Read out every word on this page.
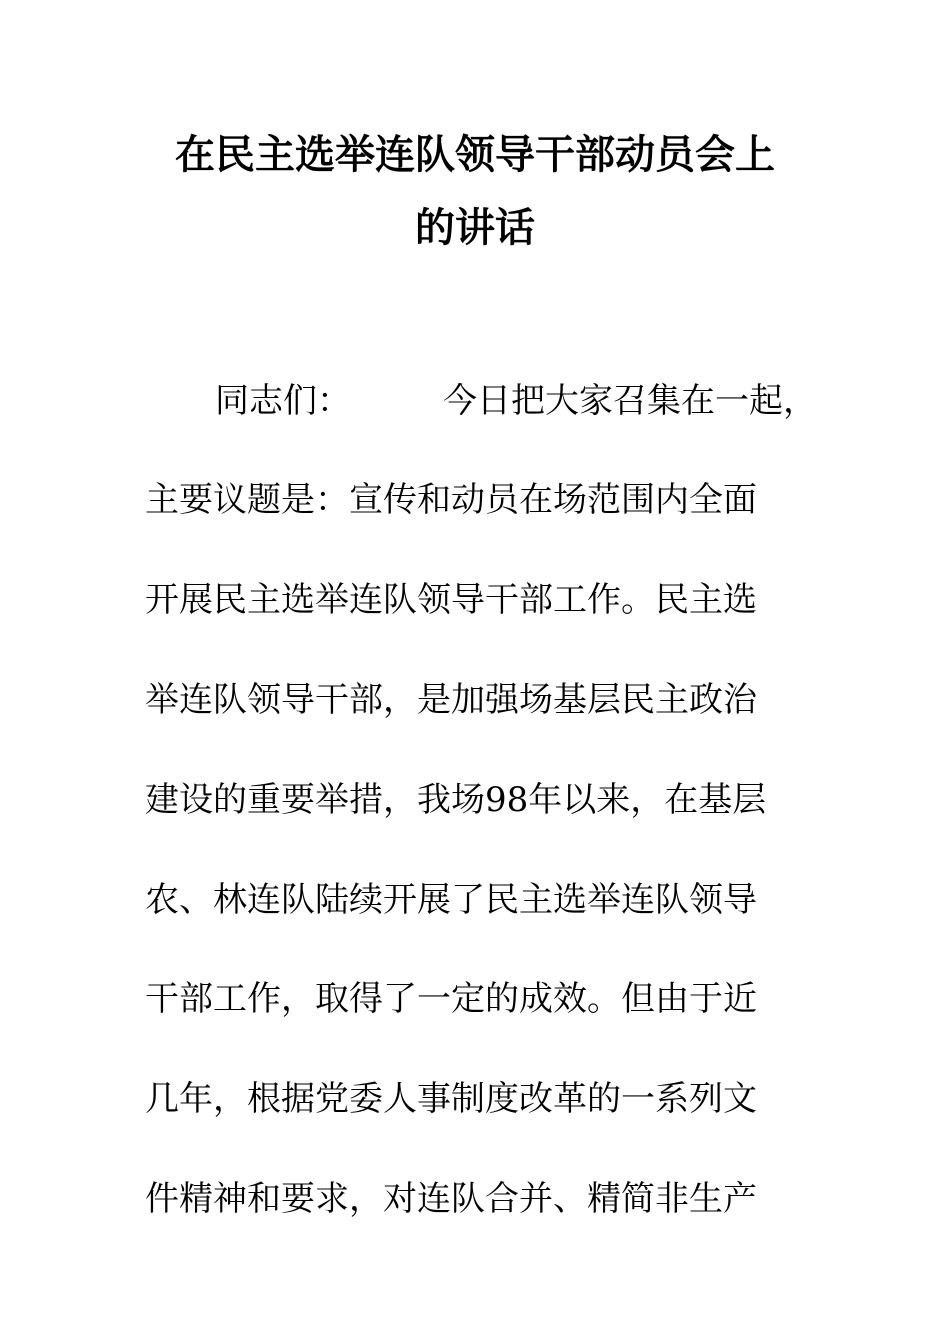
在民主选举连队领导干部动员会上
的讲话
同志们：	今日把大家召集在一起，
主要议题是：宣传和动员在场范围内全面
开展民主选举连队领导干部工作。民主选
举连队领导干部，是加强场基层民主政治
建设的重要举措，我场98年以来，在基层
农、林连队陆续开展了民主选举连队领导
干部工作，取得了一定的成效。但由于近
几年，根据党委人事制度改革的一系列文
件精神和要求，对连队合并、精简非生产
